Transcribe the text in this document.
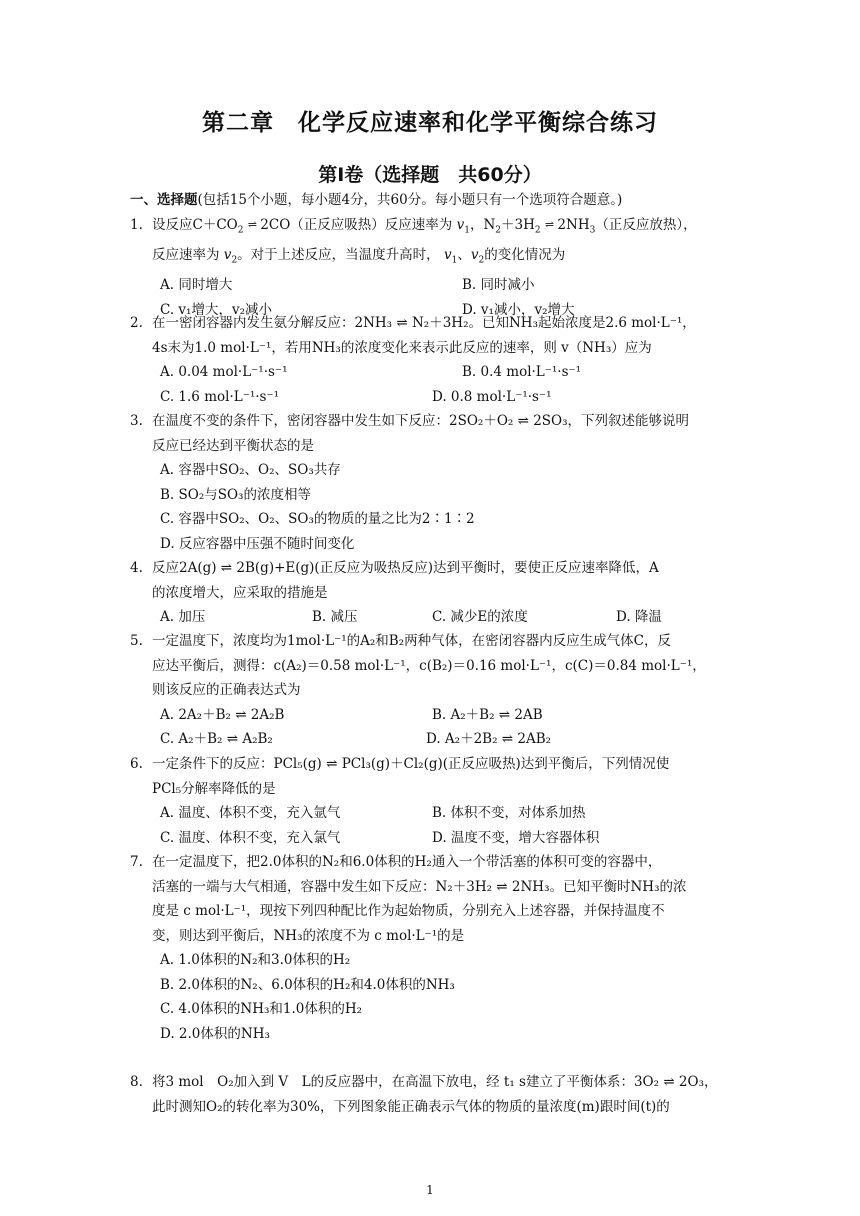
第二章　化学反应速率和化学平衡综合练习
第Ⅰ卷（选择题　共60分）
一、选择题(包括15个小题，每小题4分，共60分。每小题只有一个选项符合题意。)
1. 设反应$C+CO_2$ ⇌ 2CO（正反应吸热）反应速率为 $v_1$，$N_2+3H_2$ ⇌ $2NH_3$（正反应放热），
反应速率为 $v_2$。对于上述反应，当温度升高时， $v_1$、$v_2$的变化情况为
A. 同时增大	B. 同时减小
C. v₁增大，v₂减小	D. v₁减小，v₂增大
2. 在一密闭容器内发生氨分解反应：2NH₃ ⇌ N₂＋3H₂。已知NH₃起始浓度是2.6 mol·L⁻¹，
4s末为1.0 mol·L⁻¹，若用NH₃的浓度变化来表示此反应的速率，则 v（NH₃）应为
A. 0.04 mol·L⁻¹·s⁻¹	B. 0.4 mol·L⁻¹·s⁻¹
C. 1.6 mol·L⁻¹·s⁻¹	D. 0.8 mol·L⁻¹·s⁻¹
3. 在温度不变的条件下，密闭容器中发生如下反应：2SO₂＋O₂ ⇌ 2SO₃，下列叙述能够说明
反应已经达到平衡状态的是
A. 容器中SO₂、O₂、SO₃共存
B. SO₂与SO₃的浓度相等
C. 容器中SO₂、O₂、SO₃的物质的量之比为2∶1∶2
D. 反应容器中压强不随时间变化
4. 反应2A(g) ⇌ 2B(g)+E(g)(正反应为吸热反应)达到平衡时，要使正反应速率降低，A
的浓度增大，应采取的措施是
A. 加压	B. 减压	C. 减少E的浓度	D. 降温
5. 一定温度下，浓度均为1mol·L⁻¹的A₂和B₂两种气体，在密闭容器内反应生成气体C，反
应达平衡后，测得：c(A₂)＝0.58 mol·L⁻¹，c(B₂)＝0.16 mol·L⁻¹，c(C)＝0.84 mol·L⁻¹，
则该反应的正确表达式为
A. 2A₂＋B₂ ⇌ 2A₂B	B. A₂＋B₂ ⇌ 2AB
C. A₂＋B₂ ⇌ A₂B₂	D. A₂＋2B₂ ⇌ 2AB₂
6. 一定条件下的反应：PCl₅(g) ⇌ PCl₃(g)＋Cl₂(g)(正反应吸热)达到平衡后，下列情况使
PCl₅分解率降低的是
A. 温度、体积不变，充入氩气	B. 体积不变，对体系加热
C. 温度、体积不变，充入氯气	D. 温度不变，增大容器体积
7. 在一定温度下，把2.0体积的N₂和6.0体积的H₂通入一个带活塞的体积可变的容器中，
活塞的一端与大气相通，容器中发生如下反应：N₂＋3H₂ ⇌ 2NH₃。已知平衡时NH₃的浓
度是 c mol·L⁻¹，现按下列四种配比作为起始物质，分别充入上述容器，并保持温度不
变，则达到平衡后，NH₃的浓度不为 c mol·L⁻¹的是
A. 1.0体积的N₂和3.0体积的H₂
B. 2.0体积的N₂、6.0体积的H₂和4.0体积的NH₃
C. 4.0体积的NH₃和1.0体积的H₂
D. 2.0体积的NH₃
8. 将3 mol　O₂加入到 V　L的反应器中，在高温下放电，经 t₁ s建立了平衡体系：3O₂ ⇌ 2O₃，
此时测知O₂的转化率为30%，下列图象能正确表示气体的物质的量浓度(m)跟时间(t)的
1
